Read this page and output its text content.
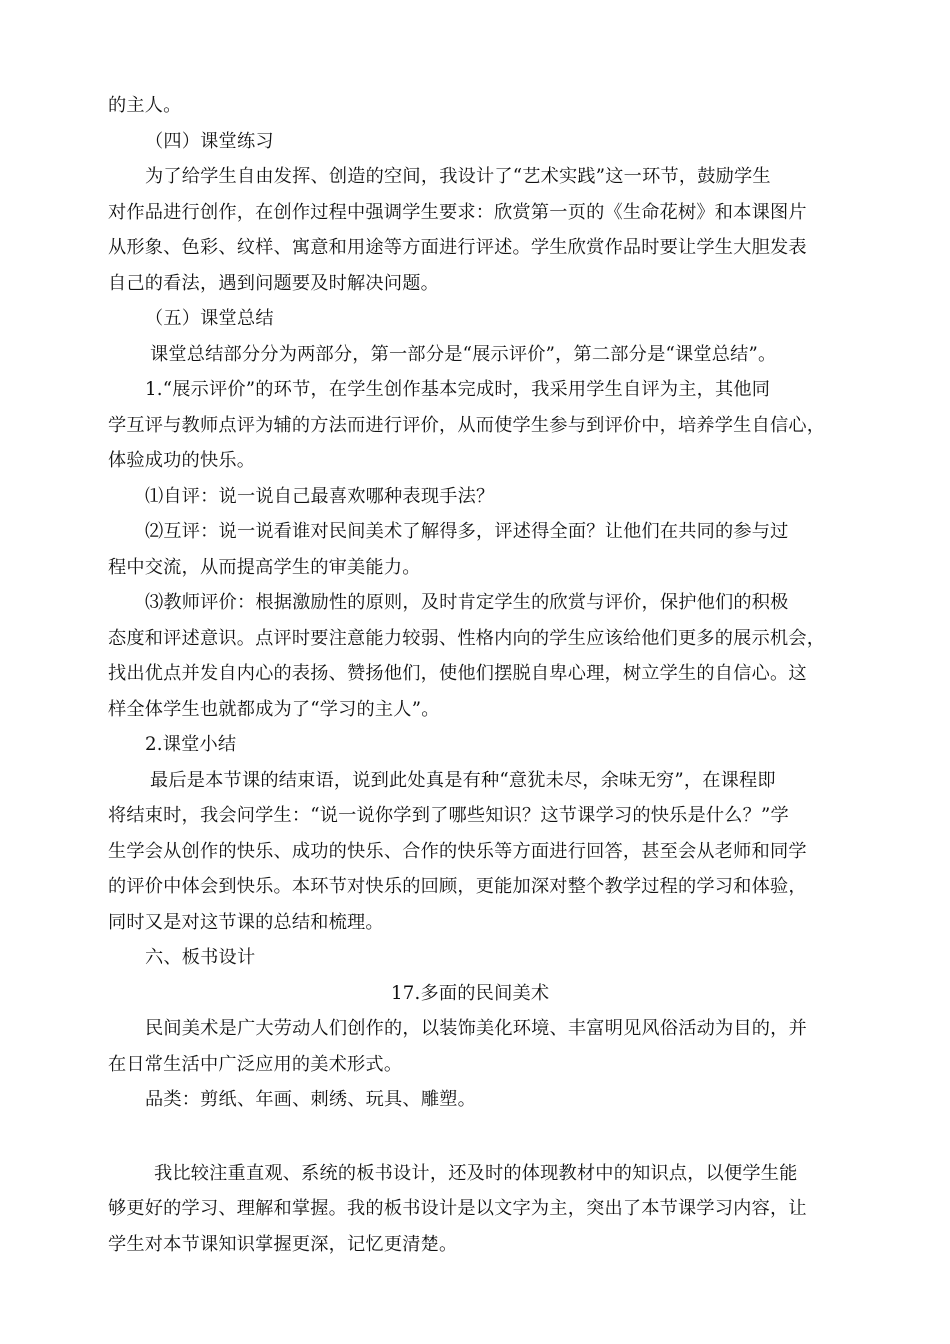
的主人。

（四）课堂练习

为了给学生自由发挥、创造的空间，我设计了“艺术实践”这一环节，鼓励学生

对作品进行创作，在创作过程中强调学生要求：欣赏第一页的《生命花树》和本课图片

从形象、色彩、纹样、寓意和用途等方面进行评述。学生欣赏作品时要让学生大胆发表

自己的看法，遇到问题要及时解决问题。

（五）课堂总结

课堂总结部分分为两部分，第一部分是“展示评价”，第二部分是“课堂总结”。

1.“展示评价”的环节，在学生创作基本完成时，我采用学生自评为主，其他同

学互评与教师点评为辅的方法而进行评价，从而使学生参与到评价中，培养学生自信心，

体验成功的快乐。

⑴自评：说一说自己最喜欢哪种表现手法？

⑵互评：说一说看谁对民间美术了解得多，评述得全面？让他们在共同的参与过

程中交流，从而提高学生的审美能力。

⑶教师评价：根据激励性的原则，及时肯定学生的欣赏与评价，保护他们的积极

态度和评述意识。点评时要注意能力较弱、性格内向的学生应该给他们更多的展示机会，

找出优点并发自内心的表扬、赞扬他们，使他们摆脱自卑心理，树立学生的自信心。这

样全体学生也就都成为了“学习的主人”。

2.课堂小结

最后是本节课的结束语，说到此处真是有种“意犹未尽，余味无穷”，在课程即

将结束时，我会问学生：“说一说你学到了哪些知识？这节课学习的快乐是什么？”学

生学会从创作的快乐、成功的快乐、合作的快乐等方面进行回答，甚至会从老师和同学

的评价中体会到快乐。本环节对快乐的回顾，更能加深对整个教学过程的学习和体验，

同时又是对这节课的总结和梳理。

六、板书设计

17.多面的民间美术

民间美术是广大劳动人们创作的，以装饰美化环境、丰富明见风俗活动为目的，并

在日常生活中广泛应用的美术形式。

品类：剪纸、年画、刺绣、玩具、雕塑。

我比较注重直观、系统的板书设计，还及时的体现教材中的知识点，以便学生能

够更好的学习、理解和掌握。我的板书设计是以文字为主，突出了本节课学习内容，让

学生对本节课知识掌握更深，记忆更清楚。
